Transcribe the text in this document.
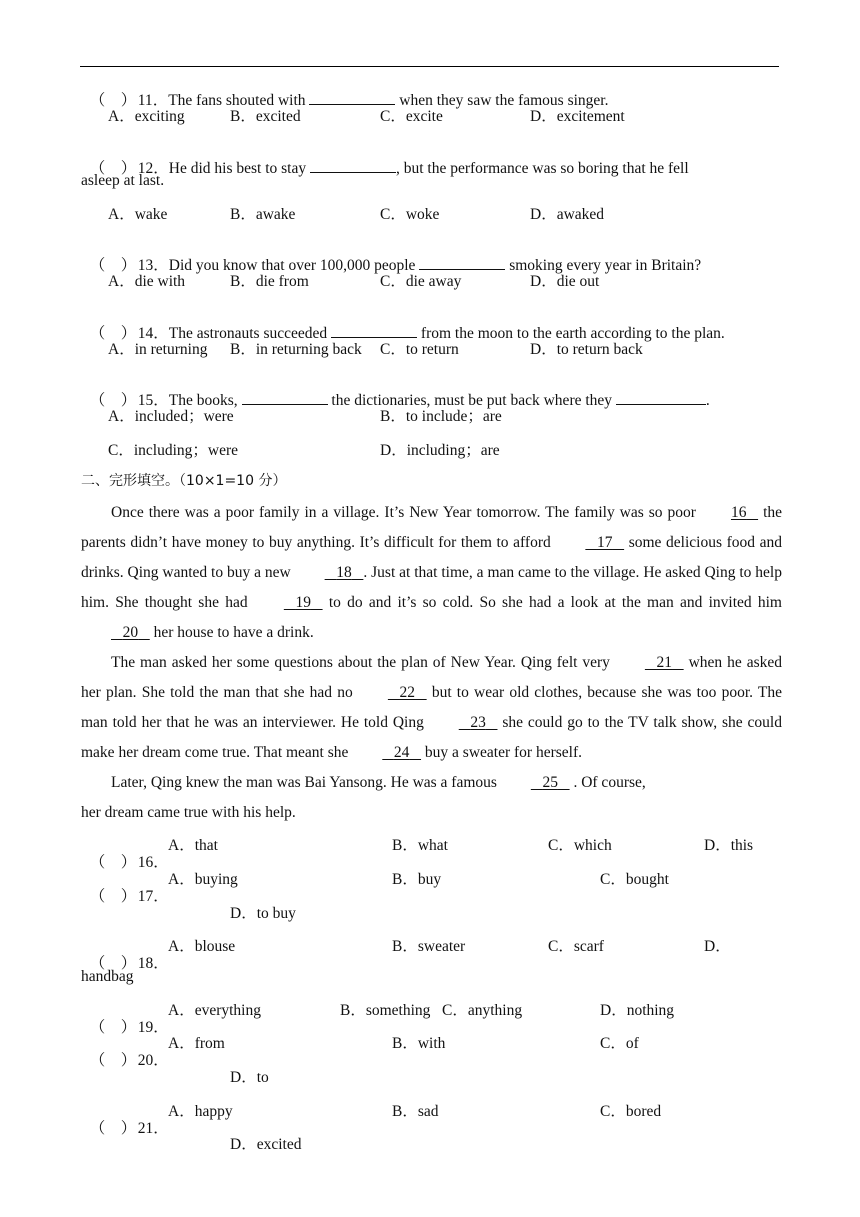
（　）11．The fans shouted with	when they saw the famous singer.

A．exciting	B．excited	C．excite	D．excitement

（　）12．He did his best to stay	, but the performance was so boring that he fell

asleep at last.
A．wake	B．awake	C．woke	D．awaked

（　）13．Did you know that over 100,000 people	smoking every year in Britain?

A．die with	B．die from	C．die away	D．die out

（　）14．The astronauts succeeded	from the moon to the earth according to the plan.

A．in returning B．in returning back C．to return	D．to return back

（　）15．The books,	the dictionaries, must be put back where they	.

A．included；were	B．to include；are
C．including；were	D．including；are
二、完形填空。（10×1=10 分）

Once there was a poor family in a village. It’s New Year tomorrow. The family was so poor 16    the parents didn’t have money to buy anything. It’s difficult for them to afford	17    some delicious food and drinks. Qing wanted to buy a new	18 . Just at that time, a man came to the village. He asked Qing to help him. She thought she had	19    to do and it’s so cold. So she had a look at the man and invited him    20    her house to have a drink.

The man asked her some questions about the plan of New Year. Qing felt very	21    when he asked her plan. She told the man that she had no	22    but to wear old clothes, because she was too poor. The man told her that he was an interviewer. He told Qing	23    she could go to the TV talk show, she could make her dream come true. That meant she	24    buy a sweater for herself.

Later, Qing knew the man was Bai Yansong. He was a famous	25    . Of course,

her dream came true with his help.

（　）16．

A．that	B．what	C．which	D．this

（　）17．

A．buying	B．buy	C．bought
D．to buy

（　）18．

A．blouse	B．sweater	C．scarf	D．
handbag

（　）19．

A．everything	B．something C．anything	D．nothing

（　）20．

A．from	B．with	C．of
D．to

（　）21．

A．happy	B．sad	C．bored
D．excited
